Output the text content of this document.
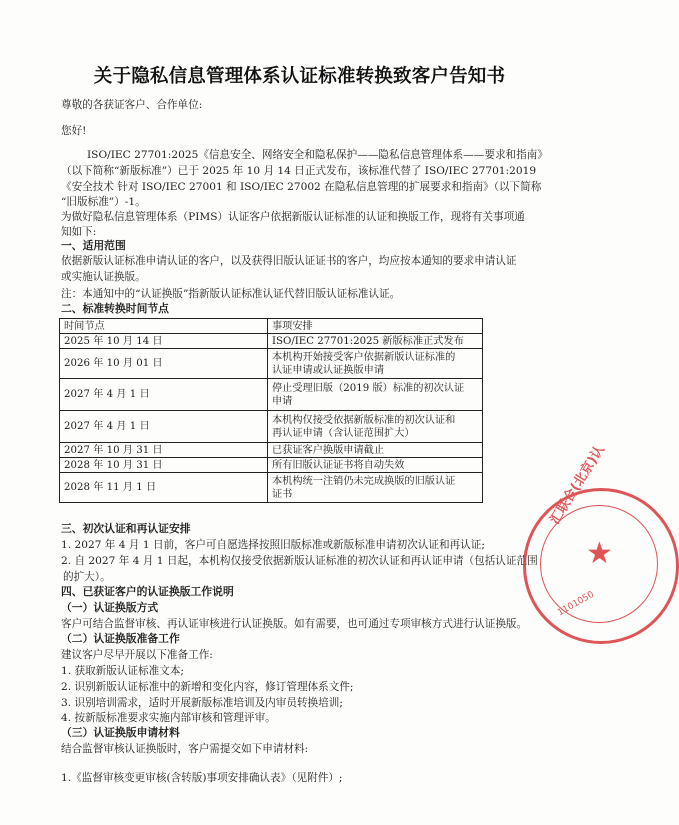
关于隐私信息管理体系认证标准转换致客户告知书
尊敬的各获证客户、合作单位:
您好!
ISO/IEC 27701:2025《信息安全、网络安全和隐私保护——隐私信息管理体系——要求和指南》
（以下简称“新版标准”）已于 2025 年 10 月 14 日正式发布，该标准代替了 ISO/IEC 27701:2019
《安全技术 针对 ISO/IEC 27001 和 ISO/IEC 27002 在隐私信息管理的扩展要求和指南》（以下简称
“旧版标准”）-1。
为做好隐私信息管理体系（PIMS）认证客户依据新版认证标准的认证和换版工作，现将有关事项通
知如下:
一、适用范围
依据新版认证标准申请认证的客户，以及获得旧版认证证书的客户，均应按本通知的要求申请认证
或实施认证换版。
注：本通知中的“认证换版”指新版认证标准认证代替旧版认证标准认证。
二、标准转换时间节点
时间节点	事项安排
2025 年 10 月 14 日	ISO/IEC 27701:2025 新版标准正式发布
2026 年 10 月 01 日	本机构开始接受客户依据新版认证标准的
认证申请或认证换版申请
2027 年 4 月 1 日	停止受理旧版（2019 版）标准的初次认证
申请
2027 年 4 月 1 日	本机构仅接受依据新版标准的初次认证和
再认证申请（含认证范围扩大）
2027 年 10 月 31 日	已获证客户换版申请截止
2028 年 10 月 31 日	所有旧版认证证书将自动失效
2028 年 11 月 1 日	本机构统一注销仍未完成换版的旧版认证
证书
三、初次认证和再认证安排
1. 2027 年 4 月 1 日前，客户可自愿选择按照旧版标准或新版标准申请初次认证和再认证;
2. 自 2027 年 4 月 1 日起，本机构仅接受依据新版认证标准的初次认证和再认证申请（包括认证范围
的扩大）。
四、已获证客户的认证换版工作说明
（一）认证换版方式
客户可结合监督审核、再认证审核进行认证换版。如有需要，也可通过专项审核方式进行认证换版。
（二）认证换版准备工作
建议客户尽早开展以下准备工作:
1. 获取新版认证标准文本;
2. 识别新版认证标准中的新增和变化内容，修订管理体系文件;
3. 识别培训需求，适时开展新版标准培训及内审员转换培训;
4. 按新版标准要求实施内部审核和管理评审。
（三）认证换版申请材料
结合监督审核认证换版时，客户需提交如下申请材料:
1.《监督审核变更审核(含转版)事项安排确认表》（见附件）;
汇联合(北京)认
★
1101050
